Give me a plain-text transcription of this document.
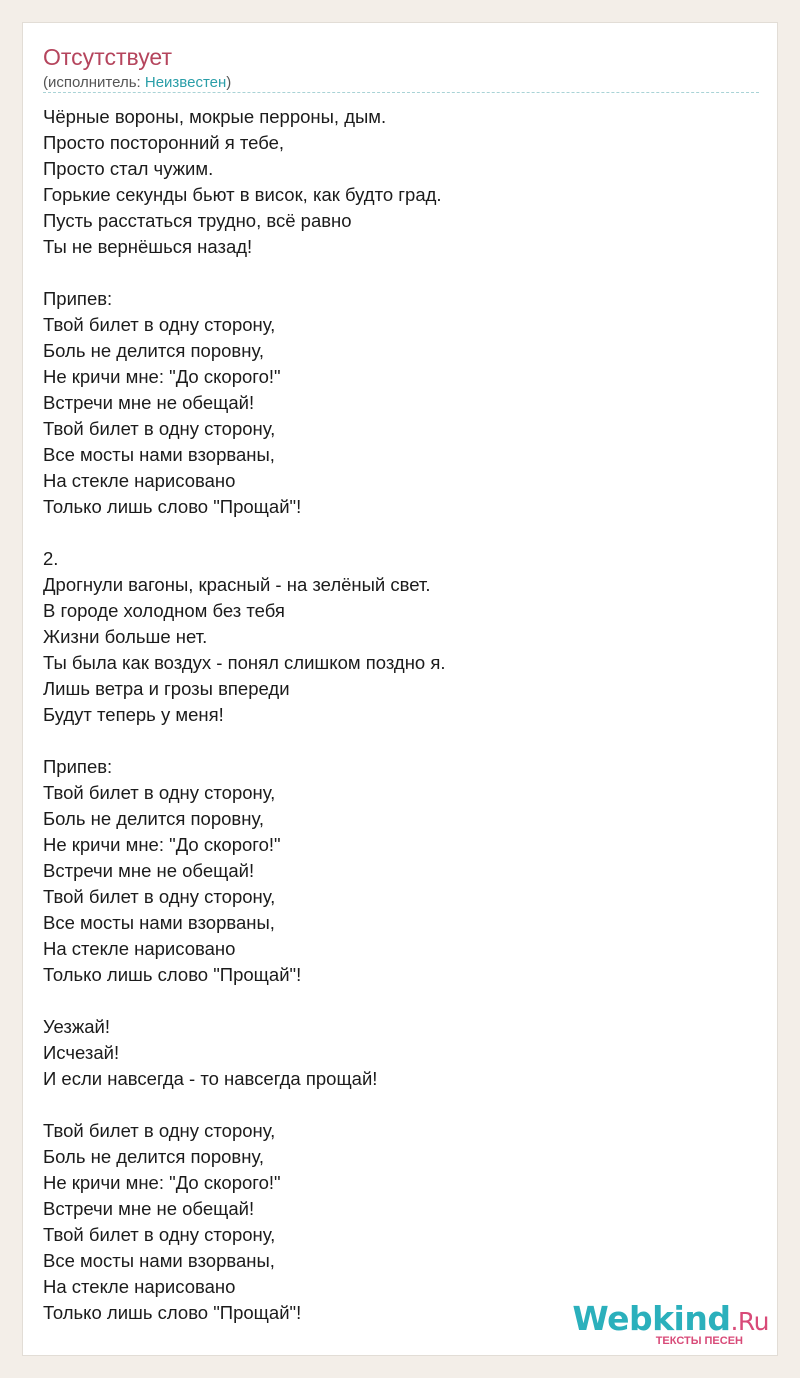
Отсутствует
(исполнитель: Неизвестен)
Чёрные вороны, мокрые перроны, дым.
Просто посторонний я тебе,
Просто стал чужим.
Горькие секунды бьют в висок, как будто град.
Пусть расстаться трудно, всё равно
Ты не вернёшься назад!
Припев:
Твой билет в одну сторону,
Боль не делится поровну,
Не кричи мне: "До скорого!"
Встречи мне не обещай!
Твой билет в одну сторону,
Все мосты нами взорваны,
На стекле нарисовано
Только лишь слово "Прощай"!
2.
Дрогнули вагоны, красный - на зелёный свет.
В городе холодном без тебя
Жизни больше нет.
Ты была как воздух - понял слишком поздно я.
Лишь ветра и грозы впереди
Будут теперь у меня!
Припев:
Твой билет в одну сторону,
Боль не делится поровну,
Не кричи мне: "До скорого!"
Встречи мне не обещай!
Твой билет в одну сторону,
Все мосты нами взорваны,
На стекле нарисовано
Только лишь слово "Прощай"!
Уезжай!
Исчезай!
И если навсегда - то навсегда прощай!
Твой билет в одну сторону,
Боль не делится поровну,
Не кричи мне: "До скорого!"
Встречи мне не обещай!
Твой билет в одну сторону,
Все мосты нами взорваны,
На стекле нарисовано
Только лишь слово "Прощай"!	Webkind.Ru
ТЕКСТЫ ПЕСЕН
